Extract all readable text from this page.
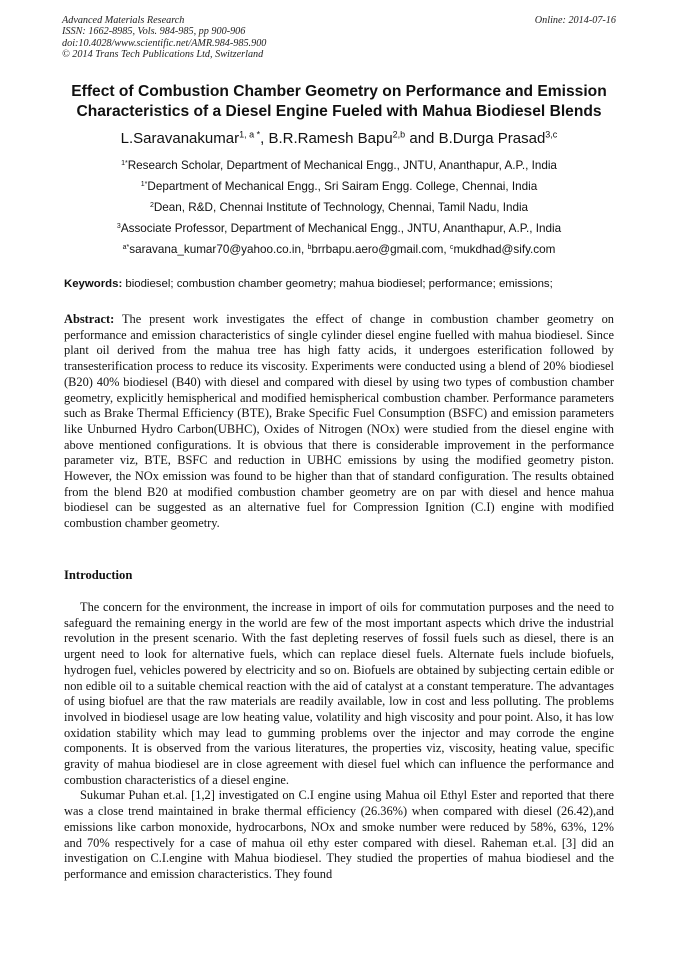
Advanced Materials Research
ISSN: 1662-8985, Vols. 984-985, pp 900-906
doi:10.4028/www.scientific.net/AMR.984-985.900
© 2014 Trans Tech Publications Ltd, Switzerland
Online: 2014-07-16
Effect of Combustion Chamber Geometry on Performance and Emission
Characteristics of a Diesel Engine Fueled with Mahua Biodiesel Blends
L.Saravanakumar$^{1, a *}$, B.R.Ramesh Bapu$^{2,b}$ and B.Durga Prasad$^{3,c}$
$^{1*}$Research Scholar, Department of Mechanical Engg., JNTU, Ananthapur, A.P., India
$^{1*}$Department of Mechanical Engg., Sri Sairam Engg. College, Chennai, India
$^2$Dean, R&D, Chennai Institute of Technology, Chennai, Tamil Nadu, India
$^3$Associate Professor, Department of Mechanical Engg., JNTU, Ananthapur, A.P., India
$^{a*}$saravana_kumar70@yahoo.co.in, $^b$brrbapu.aero@gmail.com, $^c$mukdhad@sify.com
Keywords: biodiesel; combustion chamber geometry; mahua biodiesel; performance; emissions;
Abstract: The present work investigates the effect of change in combustion chamber geometry on performance and emission characteristics of single cylinder diesel engine fuelled with mahua biodiesel. Since plant oil derived from the mahua tree has high fatty acids, it undergoes esterification followed by transesterification process to reduce its viscosity. Experiments were conducted using a blend of 20% biodiesel (B20) 40% biodiesel (B40) with diesel and compared with diesel by using two types of combustion chamber geometry, explicitly hemispherical and modified hemispherical combustion chamber. Performance parameters such as Brake Thermal Efficiency (BTE), Brake Specific Fuel Consumption (BSFC) and emission parameters like Unburned Hydro Carbon(UBHC), Oxides of Nitrogen (NOx) were studied from the diesel engine with above mentioned configurations. It is obvious that there is considerable improvement in the performance parameter viz, BTE, BSFC and reduction in UBHC emissions by using the modified geometry piston. However, the NOx emission was found to be higher than that of standard configuration. The results obtained from the blend B20 at modified combustion chamber geometry are on par with diesel and hence mahua biodiesel can be suggested as an alternative fuel for Compression Ignition (C.I) engine with modified combustion chamber geometry.
Introduction

The concern for the environment, the increase in import of oils for commutation purposes and the need to safeguard the remaining energy in the world are few of the most important aspects which drive the industrial revolution in the present scenario. With the fast depleting reserves of fossil fuels such as diesel, there is an urgent need to look for alternative fuels, which can replace diesel fuels. Alternate fuels include biofuels, hydrogen fuel, vehicles powered by electricity and so on. Biofuels are obtained by subjecting certain edible or non edible oil to a suitable chemical reaction with the aid of catalyst at a constant temperature. The advantages of using biofuel are that the raw materials are readily available, low in cost and less polluting. The problems involved in biodiesel usage are low heating value, volatility and high viscosity and pour point. Also, it has low oxidation stability which may lead to gumming problems over the injector and may corrode the engine components. It is observed from the various literatures, the properties viz, viscosity, heating value, specific gravity of mahua biodiesel are in close agreement with diesel fuel which can influence the performance and combustion characteristics of a diesel engine.

Sukumar Puhan et.al. [1,2] investigated on C.I engine using Mahua oil Ethyl Ester and reported that there was a close trend maintained in brake thermal efficiency (26.36%) when compared with diesel (26.42),and emissions like carbon monoxide, hydrocarbons, NOx and smoke number were reduced by 58%, 63%, 12% and 70% respectively for a case of mahua oil ethy ester compared with diesel. Raheman et.al. [3] did an investigation on C.I.engine with Mahua biodiesel. They studied the properties of mahua biodiesel and the performance and emission characteristics. They found
